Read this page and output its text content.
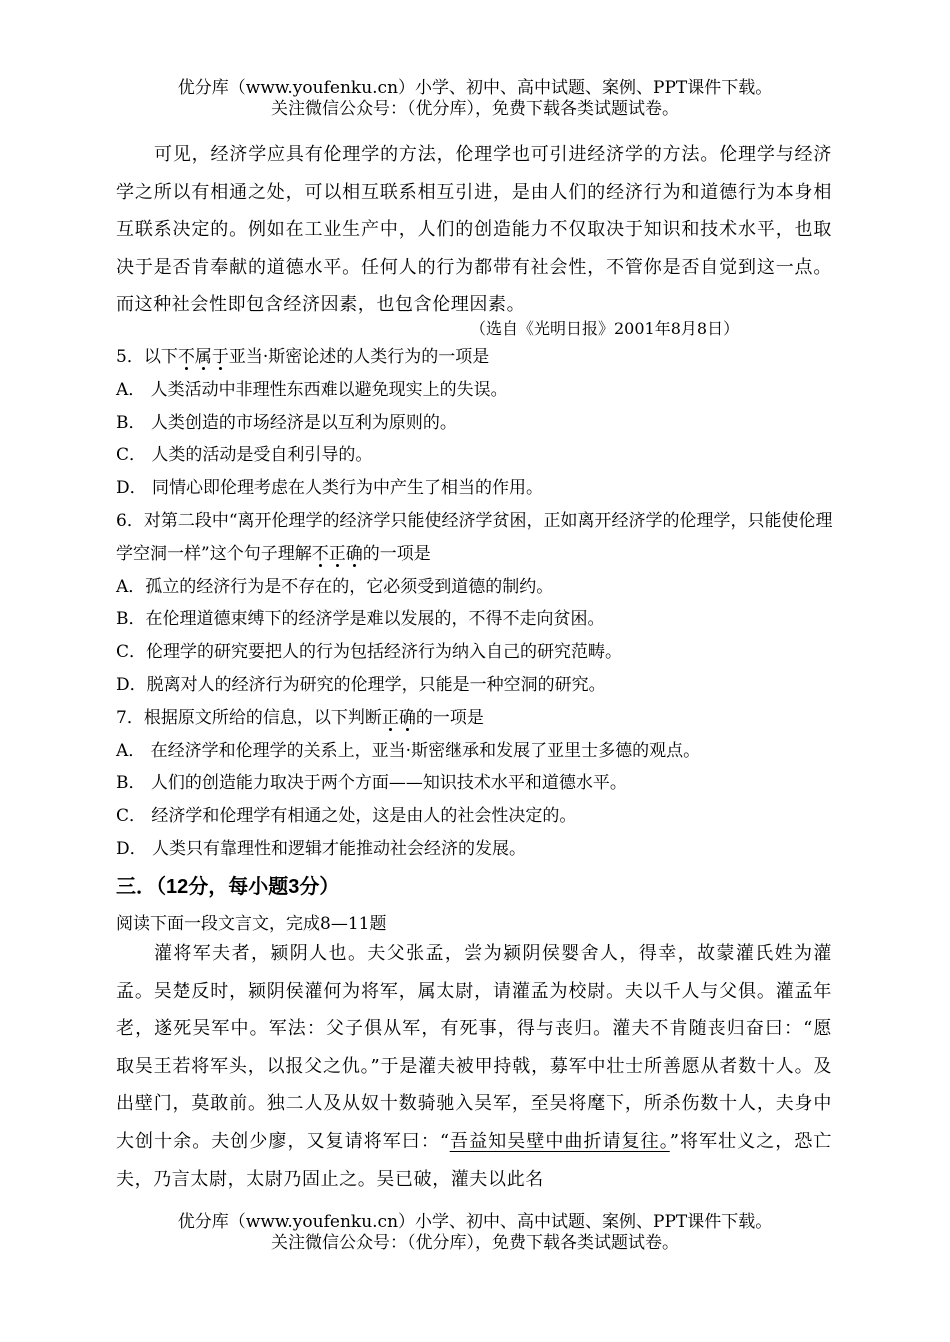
优分库（www.youfenku.cn）小学、初中、高中试题、案例、PPT课件下载。
关注微信公众号：（优分库），免费下载各类试题试卷。

可见，经济学应具有伦理学的方法，伦理学也可引进经济学的方法。伦理学与经济学之所以有相通之处，可以相互联系相互引进，是由人们的经济行为和道德行为本身相互联系决定的。例如在工业生产中，人们的创造能力不仅取决于知识和技术水平，也取决于是否肯奉献的道德水平。任何人的行为都带有社会性，不管你是否自觉到这一点。而这种社会性即包含经济因素，也包含伦理因素。

（选自《光明日报》2001年8月8日）
5．以下不属于亚当·斯密论述的人类行为的一项是
A． 人类活动中非理性东西难以避免现实上的失误。
B． 人类创造的市场经济是以互利为原则的。
C． 人类的活动是受自利引导的。
D． 同情心即伦理考虑在人类行为中产生了相当的作用。
6．对第二段中“离开伦理学的经济学只能使经济学贫困，正如离开经济学的伦理学，只能使伦理学空洞一样”这个句子理解不正确的一项是
A．孤立的经济行为是不存在的，它必须受到道德的制约。
B．在伦理道德束缚下的经济学是难以发展的，不得不走向贫困。
C．伦理学的研究要把人的行为包括经济行为纳入自己的研究范畴。
D．脱离对人的经济行为研究的伦理学，只能是一种空洞的研究。
7．根据原文所给的信息，以下判断正确的一项是
A． 在经济学和伦理学的关系上，亚当·斯密继承和发展了亚里士多德的观点。
B． 人们的创造能力取决于两个方面——知识技术水平和道德水平。
C． 经济学和伦理学有相通之处，这是由人的社会性决定的。
D． 人类只有靠理性和逻辑才能推动社会经济的发展。
三．（12分，每小题3分）
阅读下面一段文言文，完成8—11题

灌将军夫者，颍阴人也。夫父张孟，尝为颍阴侯婴舍人，得幸，故蒙灌氏姓为灌孟。吴楚反时，颍阴侯灌何为将军，属太尉，请灌孟为校尉。夫以千人与父俱。灌孟年老，遂死吴军中。军法：父子俱从军，有死事，得与丧归。灌夫不肯随丧归奋曰：“愿取吴王若将军头，以报父之仇。”于是灌夫被甲持戟，募军中壮士所善愿从者数十人。及出壁门，莫敢前。独二人及从奴十数骑驰入吴军，至吴将麾下，所杀伤数十人，夫身中大创十余。夫创少廖，又复请将军曰：“吾益知吴壁中曲折请复往。”将军壮义之，恐亡夫，乃言太尉，太尉乃固止之。吴已破，灌夫以此名

优分库（www.youfenku.cn）小学、初中、高中试题、案例、PPT课件下载。
关注微信公众号：（优分库），免费下载各类试题试卷。
